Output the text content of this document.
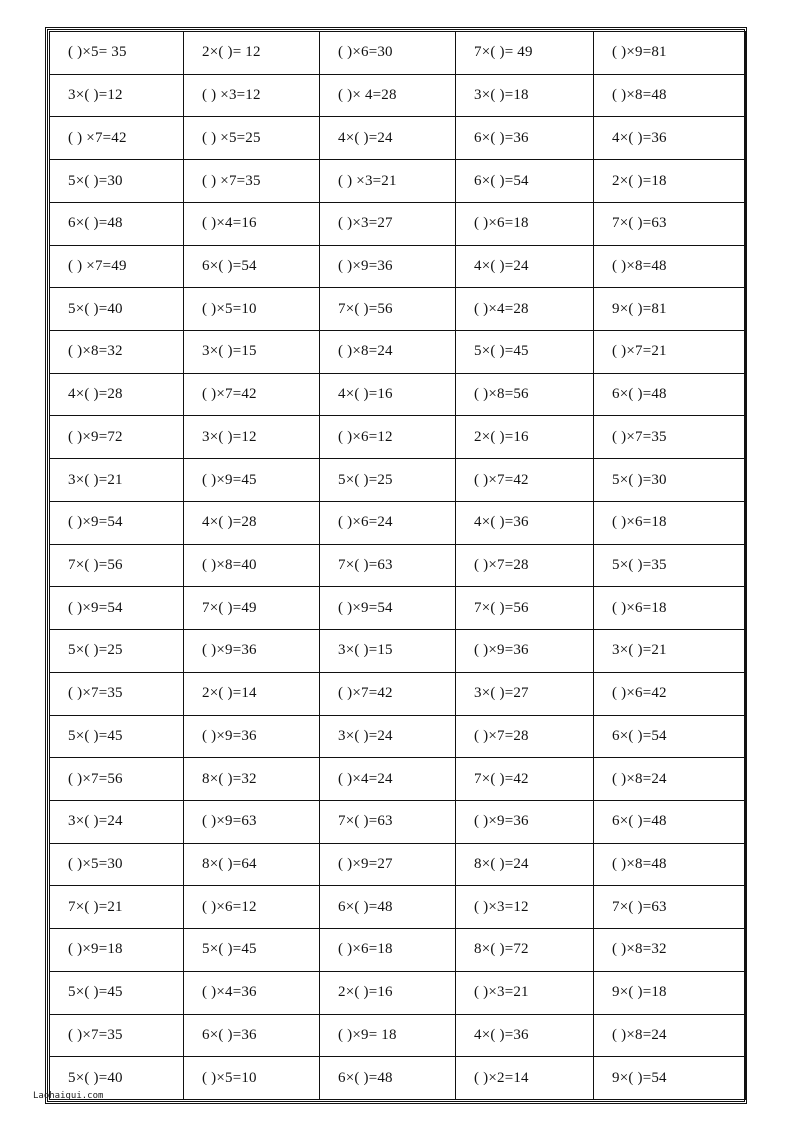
( )×5= 35	2×( )= 12	( )×6=30	7×( )= 49	( )×9=81
3×( )=12	( ) ×3=12	( )× 4=28	3×( )=18	( )×8=48
( ) ×7=42	( ) ×5=25	4×( )=24	6×( )=36	4×( )=36
5×( )=30	( ) ×7=35	( ) ×3=21	6×( )=54	2×( )=18
6×( )=48	( )×4=16	( )×3=27	( )×6=18	7×( )=63
( ) ×7=49	6×( )=54	( )×9=36	4×( )=24	( )×8=48
5×( )=40	( )×5=10	7×( )=56	( )×4=28	9×( )=81
( )×8=32	3×( )=15	( )×8=24	5×( )=45	( )×7=21
4×( )=28	( )×7=42	4×( )=16	( )×8=56	6×( )=48
( )×9=72	3×( )=12	( )×6=12	2×( )=16	( )×7=35
3×( )=21	( )×9=45	5×( )=25	( )×7=42	5×( )=30
( )×9=54	4×( )=28	( )×6=24	4×( )=36	( )×6=18
7×( )=56	( )×8=40	7×( )=63	( )×7=28	5×( )=35
( )×9=54	7×( )=49	( )×9=54	7×( )=56	( )×6=18
5×( )=25	( )×9=36	3×( )=15	( )×9=36	3×( )=21
( )×7=35	2×( )=14	( )×7=42	3×( )=27	( )×6=42
5×( )=45	( )×9=36	3×( )=24	( )×7=28	6×( )=54
( )×7=56	8×( )=32	( )×4=24	7×( )=42	( )×8=24
3×( )=24	( )×9=63	7×( )=63	( )×9=36	6×( )=48
( )×5=30	8×( )=64	( )×9=27	8×( )=24	( )×8=48
7×( )=21	( )×6=12	6×( )=48	( )×3=12	7×( )=63
( )×9=18	5×( )=45	( )×6=18	8×( )=72	( )×8=32
5×( )=45	( )×4=36	2×( )=16	( )×3=21	9×( )=18
( )×7=35	6×( )=36	( )×9= 18	4×( )=36	( )×8=24
5×( )=40	( )×5=10	6×( )=48	( )×2=14	9×( )=54
Laohaigui.com
